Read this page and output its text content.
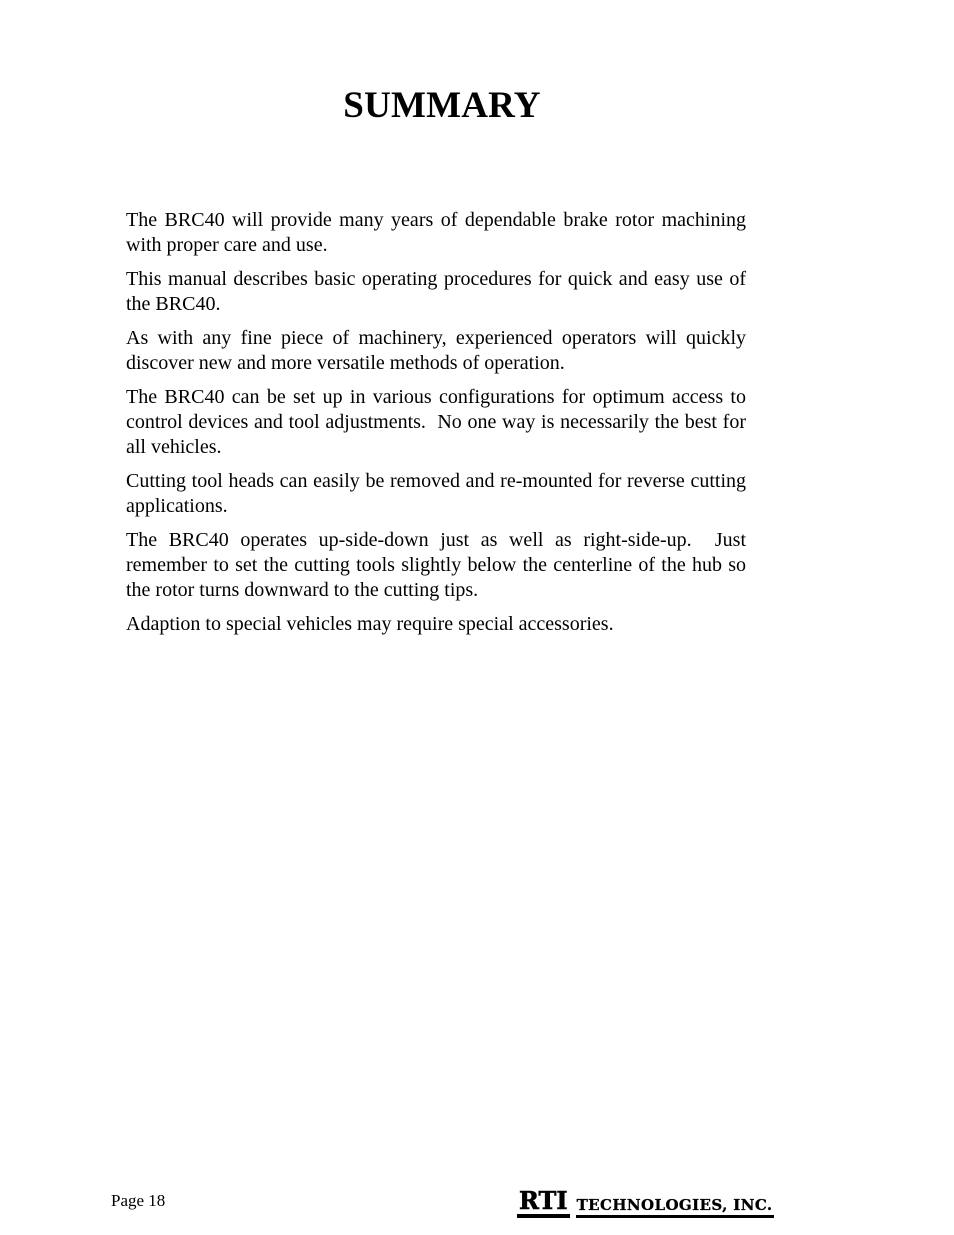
SUMMARY

The BRC40 will provide many years of dependable brake rotor machining with proper care and use.

This manual describes basic operating procedures for quick and easy use of the BRC40.

As with any fine piece of machinery, experienced operators will quickly discover new and more versatile methods of operation.

The BRC40 can be set up in various configurations for optimum access to control devices and tool adjustments.  No one way is necessarily the best for all vehicles.

Cutting tool heads can easily be removed and re-mounted for reverse cutting applications.

The BRC40 operates up-side-down just as well as right-side-up.  Just remember to set the cutting tools slightly below the centerline of the hub so the rotor turns downward to the cutting tips.

Adaption to special vehicles may require special accessories.

Page 18	RTI TECHNOLOGIES, INC.
